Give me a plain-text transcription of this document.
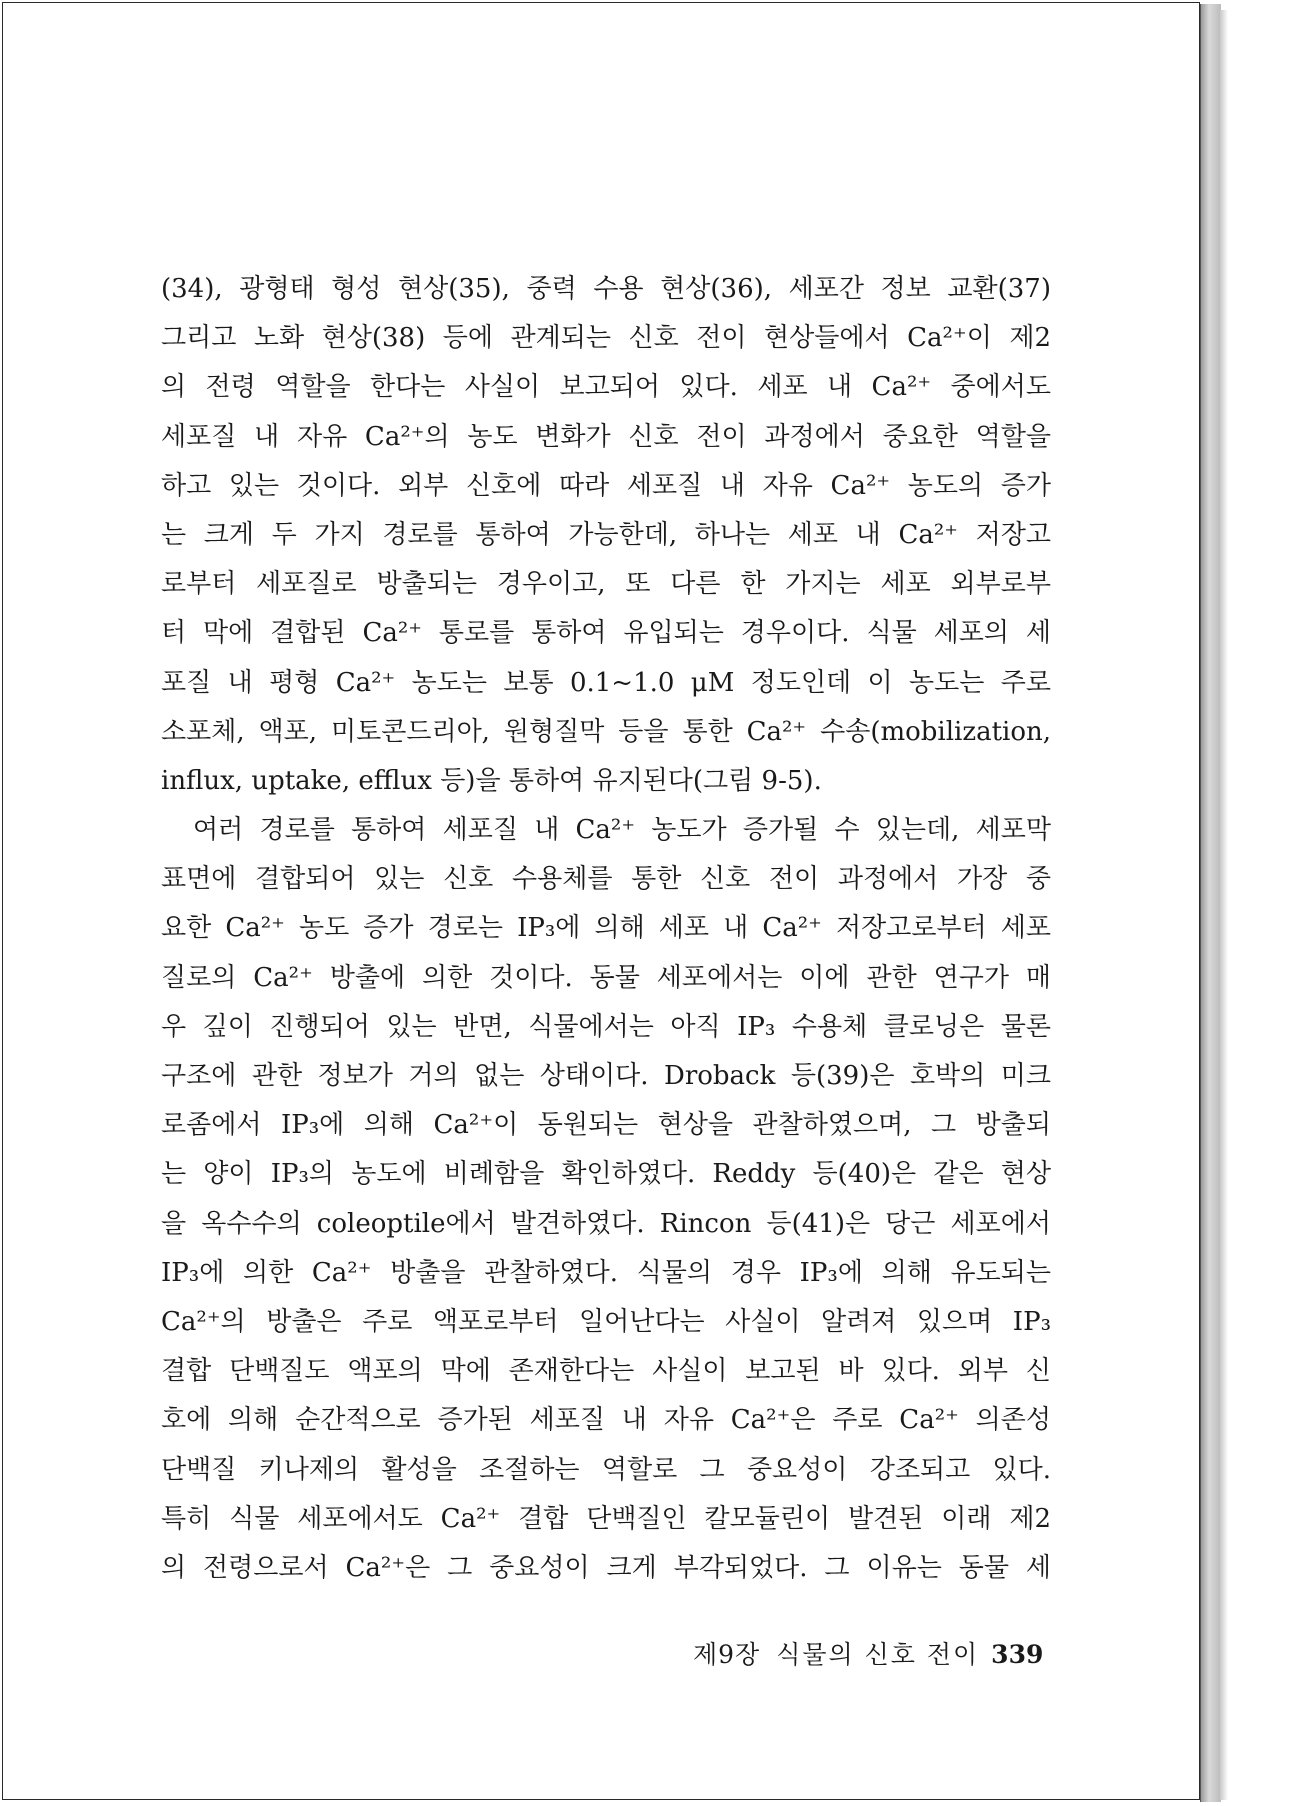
(34), 광형태 형성 현상(35), 중력 수용 현상(36), 세포간 정보 교환(37)
그리고 노화 현상(38) 등에 관계되는 신호 전이 현상들에서 Ca²⁺이 제2
의 전령 역할을 한다는 사실이 보고되어 있다. 세포 내 Ca²⁺ 중에서도
세포질 내 자유 Ca²⁺의 농도 변화가 신호 전이 과정에서 중요한 역할을
하고 있는 것이다. 외부 신호에 따라 세포질 내 자유 Ca²⁺ 농도의 증가
는 크게 두 가지 경로를 통하여 가능한데, 하나는 세포 내 Ca²⁺ 저장고
로부터 세포질로 방출되는 경우이고, 또 다른 한 가지는 세포 외부로부
터 막에 결합된 Ca²⁺ 통로를 통하여 유입되는 경우이다. 식물 세포의 세
포질 내 평형 Ca²⁺ 농도는 보통 0.1~1.0 μM 정도인데 이 농도는 주로
소포체, 액포, 미토콘드리아, 원형질막 등을 통한 Ca²⁺ 수송(mobilization,
influx, uptake, efflux 등)을 통하여 유지된다(그림 9-5).
여러 경로를 통하여 세포질 내 Ca²⁺ 농도가 증가될 수 있는데, 세포막
표면에 결합되어 있는 신호 수용체를 통한 신호 전이 과정에서 가장 중
요한 Ca²⁺ 농도 증가 경로는 IP₃에 의해 세포 내 Ca²⁺ 저장고로부터 세포
질로의 Ca²⁺ 방출에 의한 것이다. 동물 세포에서는 이에 관한 연구가 매
우 깊이 진행되어 있는 반면, 식물에서는 아직 IP₃ 수용체 클로닝은 물론
구조에 관한 정보가 거의 없는 상태이다. Droback 등(39)은 호박의 미크
로좀에서 IP₃에 의해 Ca²⁺이 동원되는 현상을 관찰하였으며, 그 방출되
는 양이 IP₃의 농도에 비례함을 확인하였다. Reddy 등(40)은 같은 현상
을 옥수수의 coleoptile에서 발견하였다. Rincon 등(41)은 당근 세포에서
IP₃에 의한 Ca²⁺ 방출을 관찰하였다. 식물의 경우 IP₃에 의해 유도되는
Ca²⁺의 방출은 주로 액포로부터 일어난다는 사실이 알려져 있으며 IP₃
결합 단백질도 액포의 막에 존재한다는 사실이 보고된 바 있다. 외부 신
호에 의해 순간적으로 증가된 세포질 내 자유 Ca²⁺은 주로 Ca²⁺ 의존성
단백질 키나제의 활성을 조절하는 역할로 그 중요성이 강조되고 있다.
특히 식물 세포에서도 Ca²⁺ 결합 단백질인 칼모듈린이 발견된 이래 제2
의 전령으로서 Ca²⁺은 그 중요성이 크게 부각되었다. 그 이유는 동물 세
제9장 식물의 신호 전이 339
